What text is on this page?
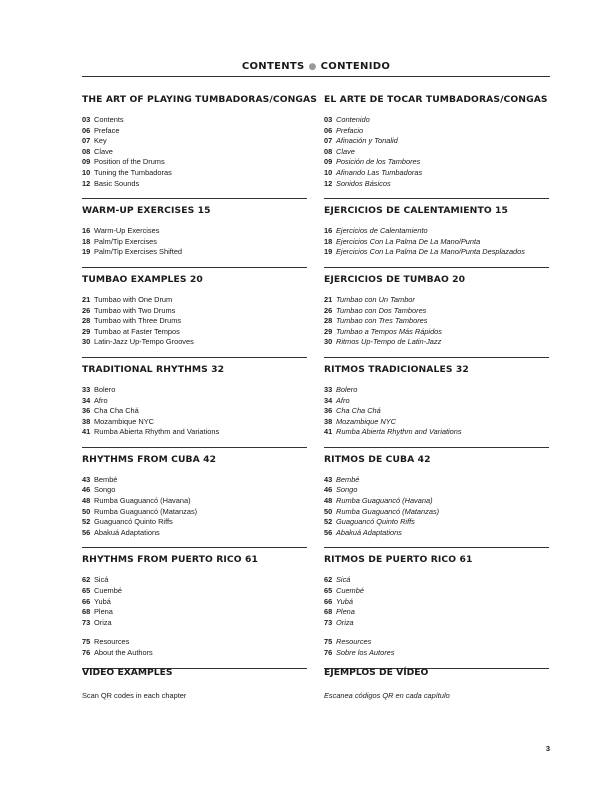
CONTENTS ● CONTENIDO
THE ART OF PLAYING TUMBADORAS/CONGAS
03 Contents
06 Preface
07 Key
08 Clave
09 Position of the Drums
10 Tuning the Tumbadoras
12 Basic Sounds
WARM-UP EXERCISES 15
16 Warm-Up Exercises
18 Palm/Tip Exercises
19 Palm/Tip Exercises Shifted
TUMBAO EXAMPLES 20
21 Tumbao with One Drum
26 Tumbao with Two Drums
28 Tumbao with Three Drums
29 Tumbao at Faster Tempos
30 Latin-Jazz Up-Tempo Grooves
TRADITIONAL RHYTHMS 32
33 Bolero
34 Afro
36 Cha Cha Chá
38 Mozambique NYC
41 Rumba Abierta Rhythm and Variations
RHYTHMS FROM CUBA 42
43 Bembé
46 Songo
48 Rumba Guaguancó (Havana)
50 Rumba Guaguancó (Matanzas)
52 Guaguancó Quinto Riffs
56 Abakuá Adaptations
RHYTHMS FROM PUERTO RICO 61
62 Sicá
65 Cuembé
66 Yubá
68 Plena
73 Oriza
75 Resources
76 About the Authors
EL ARTE DE TOCAR TUMBADORAS/CONGAS
03 Contenido
06 Prefacio
07 Afinación y Tonalid
08 Clave
09 Posición de los Tambores
10 Afinando Las Tumbadoras
12 Sonidos Básicos
EJERCICIOS DE CALENTAMIENTO 15
16 Ejercicios de Calentamiento
18 Ejercicios Con La Palma De La Mano/Punta
19 Ejercicios Con La Palma De La Mano/Punta Desplazados
EJERCICIOS DE TUMBAO 20
21 Tumbao con Un Tambor
26 Tumbao con Dos Tambores
28 Tumbao con Tres Tambores
29 Tumbao a Tempos Más Rápidos
30 Ritmos Up-Tempo de Latin-Jazz
RITMOS TRADICIONALES 32
33 Bolero
34 Afro
36 Cha Cha Chá
38 Mozambique NYC
41 Rumba Abierta Rhythm and Variations
RITMOS DE CUBA 42
43 Bembé
46 Songo
48 Rumba Guaguancó (Havana)
50 Rumba Guaguancó (Matanzas)
52 Guaguancó Quinto Riffs
56 Abakuá Adaptations
RITMOS DE PUERTO RICO 61
62 Sicá
65 Cuembé
66 Yubá
68 Plena
73 Oriza
75 Resources
76 Sobre los Autores
VIDEO EXAMPLES
Scan QR codes in each chapter
EJEMPLOS DE VÍDEO
Escanea códigos QR en cada capítulo
3
